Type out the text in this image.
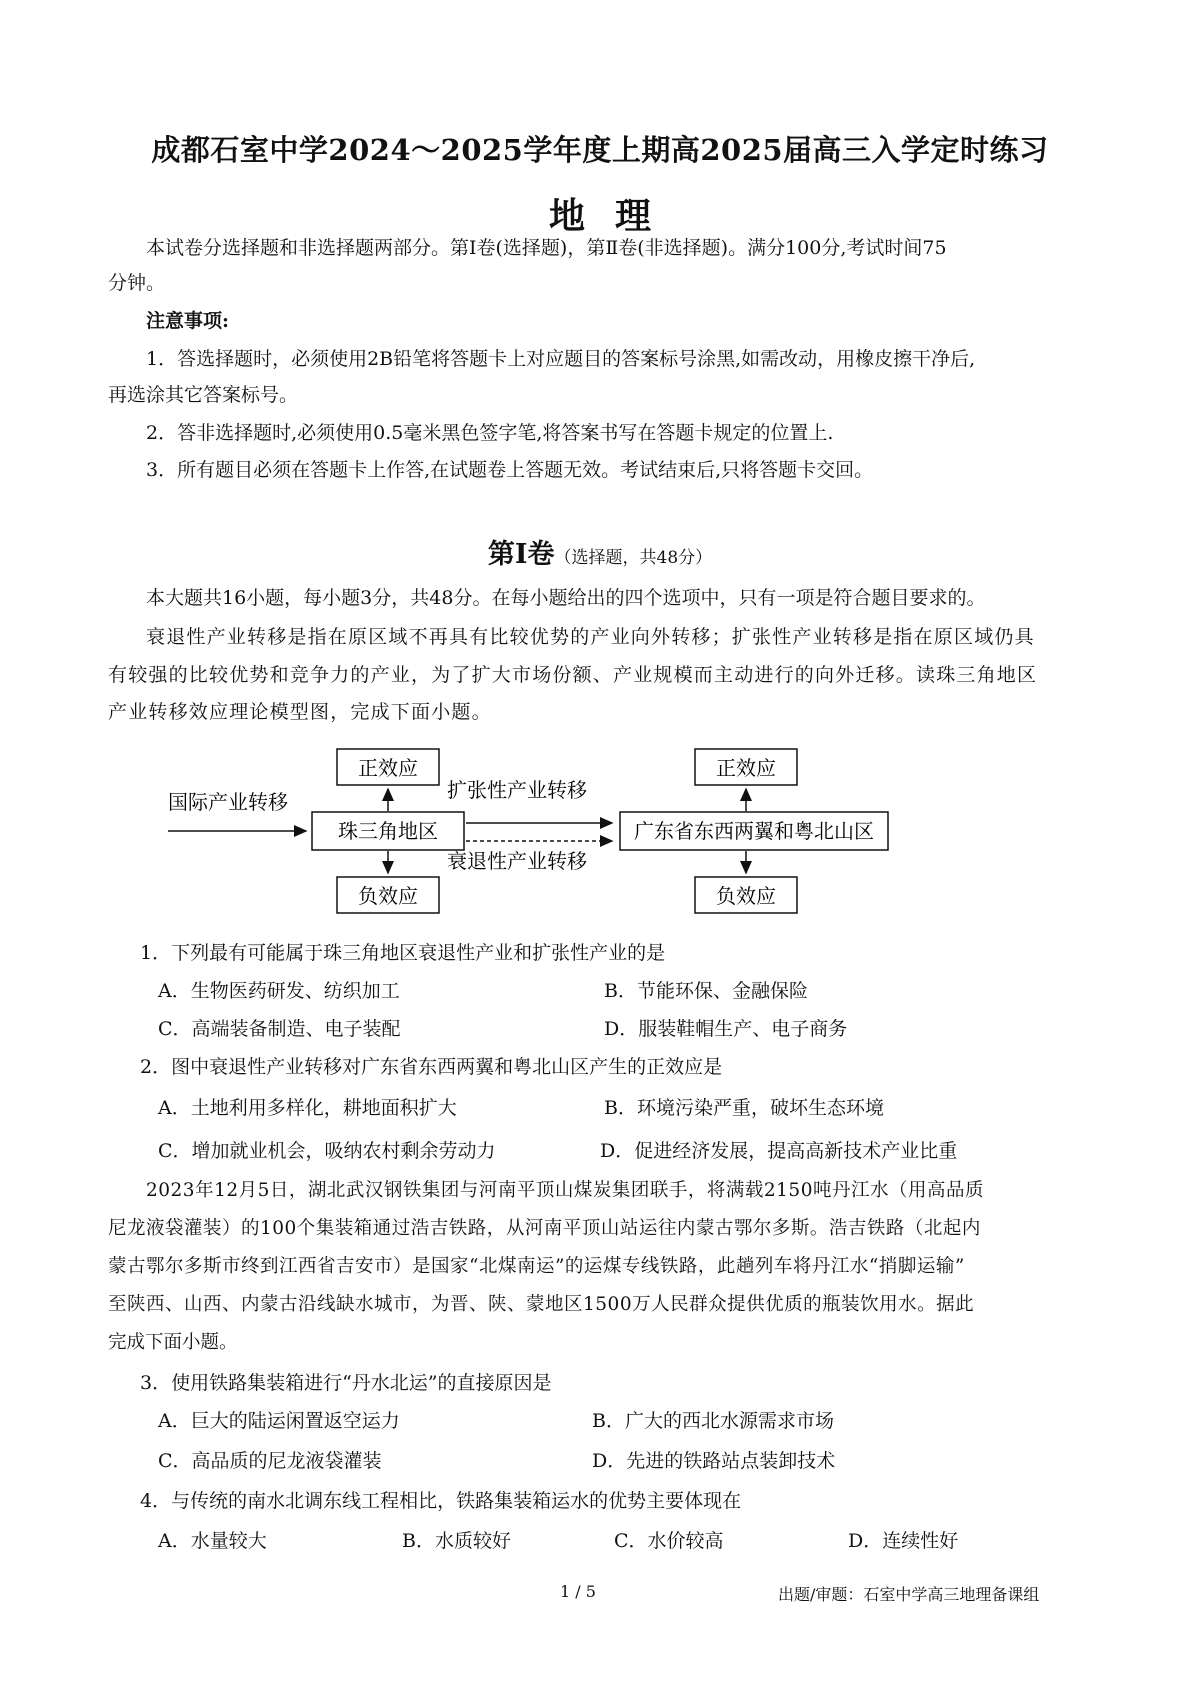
成都石室中学2024～2025学年度上期高2025届高三入学定时练习
地理
本试卷分选择题和非选择题两部分。第Ⅰ卷(选择题)，第Ⅱ卷(非选择题)。满分100分,考试时间75
分钟。
注意事项:
1．答选择题时，必须使用2B铅笔将答题卡上对应题目的答案标号涂黑,如需改动，用橡皮擦干净后,
再选涂其它答案标号。
2．答非选择题时,必须使用0.5毫米黑色签字笔,将答案书写在答题卡规定的位置上.
3．所有题目必须在答题卡上作答,在试题卷上答题无效。考试结束后,只将答题卡交回。
第Ⅰ卷（选择题，共48分）
本大题共16小题，每小题3分，共48分。在每小题给出的四个选项中，只有一项是符合题目要求的。
衰退性产业转移是指在原区域不再具有比较优势的产业向外转移；扩张性产业转移是指在原区域仍具
有较强的比较优势和竞争力的产业，为了扩大市场份额、产业规模而主动进行的向外迁移。读珠三角地区
产业转移效应理论模型图，完成下面小题。
正效应
珠三角地区
负效应
国际产业转移	扩张性产业转移
衰退性产业转移
正效应
广东省东西两翼和粤北山区
负效应
1．下列最有可能属于珠三角地区衰退性产业和扩张性产业的是
A．生物医药研发、纺织加工	B．节能环保、金融保险
C．高端装备制造、电子装配	D．服装鞋帽生产、电子商务
2．图中衰退性产业转移对广东省东西两翼和粤北山区产生的正效应是
A．土地利用多样化，耕地面积扩大	B．环境污染严重，破坏生态环境
C．增加就业机会，吸纳农村剩余劳动力	D．促进经济发展，提高高新技术产业比重
2023年12月5日，湖北武汉钢铁集团与河南平顶山煤炭集团联手，将满载2150吨丹江水（用高品质
尼龙液袋灌装）的100个集装箱通过浩吉铁路，从河南平顶山站运往内蒙古鄂尔多斯。浩吉铁路（北起内
蒙古鄂尔多斯市终到江西省吉安市）是国家“北煤南运”的运煤专线铁路，此趟列车将丹江水“捎脚运输”
至陕西、山西、内蒙古沿线缺水城市，为晋、陕、蒙地区1500万人民群众提供优质的瓶装饮用水。据此
完成下面小题。
3．使用铁路集装箱进行“丹水北运”的直接原因是
A．巨大的陆运闲置返空运力	B．广大的西北水源需求市场
C．高品质的尼龙液袋灌装	D．先进的铁路站点装卸技术
4．与传统的南水北调东线工程相比，铁路集装箱运水的优势主要体现在
A．水量较大	B．水质较好	C．水价较高	D．连续性好
1 / 5	出题/审题：石室中学高三地理备课组
